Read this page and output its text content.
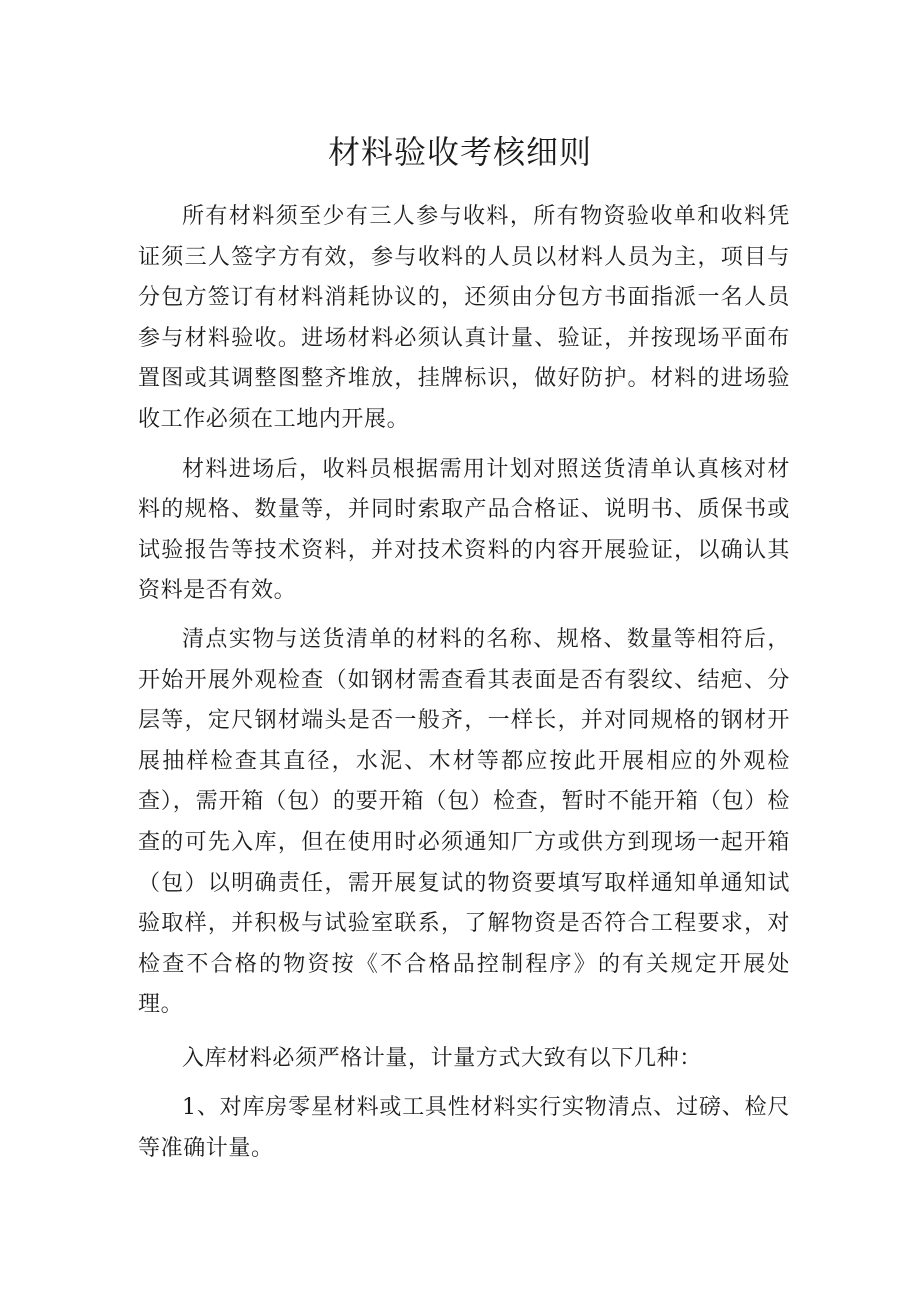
材料验收考核细则

所有材料须至少有三人参与收料，所有物资验收单和收料凭证须三人签字方有效，参与收料的人员以材料人员为主，项目与分包方签订有材料消耗协议的，还须由分包方书面指派一名人员参与材料验收。进场材料必须认真计量、验证，并按现场平面布置图或其调整图整齐堆放，挂牌标识，做好防护。材料的进场验收工作必须在工地内开展。

材料进场后，收料员根据需用计划对照送货清单认真核对材料的规格、数量等，并同时索取产品合格证、说明书、质保书或试验报告等技术资料，并对技术资料的内容开展验证，以确认其资料是否有效。

清点实物与送货清单的材料的名称、规格、数量等相符后，开始开展外观检查（如钢材需查看其表面是否有裂纹、结疤、分层等，定尺钢材端头是否一般齐，一样长，并对同规格的钢材开展抽样检查其直径，水泥、木材等都应按此开展相应的外观检查），需开箱（包）的要开箱（包）检查，暂时不能开箱（包）检查的可先入库，但在使用时必须通知厂方或供方到现场一起开箱（包）以明确责任，需开展复试的物资要填写取样通知单通知试验取样，并积极与试验室联系，了解物资是否符合工程要求，对检查不合格的物资按《不合格品控制程序》的有关规定开展处理。

入库材料必须严格计量，计量方式大致有以下几种：

1、对库房零星材料或工具性材料实行实物清点、过磅、检尺等准确计量。
